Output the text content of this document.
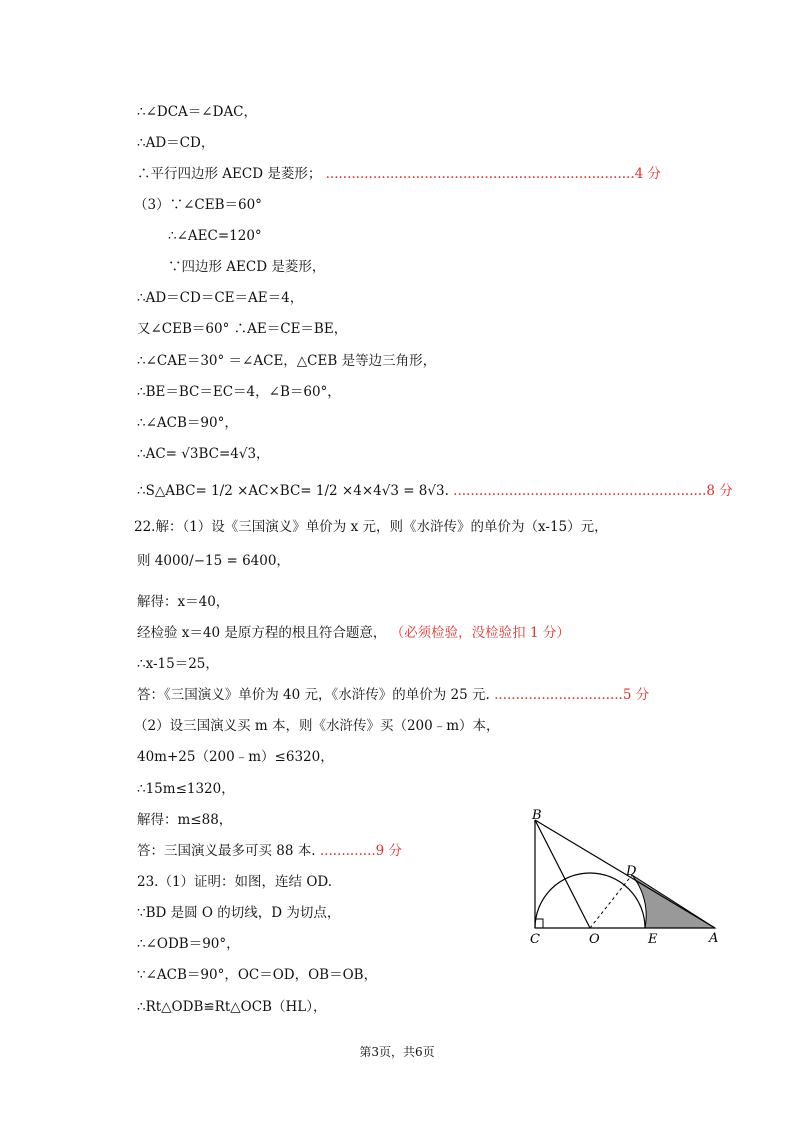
∴∠DCA＝∠DAC，
∴AD＝CD，
∴平行四边形 AECD 是菱形； ........................................................................4 分
（3）∵∠CEB＝60°
∴∠AEC=120°
∵四边形 AECD 是菱形，
∴AD＝CD＝CE＝AE＝4，
又∠CEB＝60° ∴AE＝CE＝BE，
∴∠CAE＝30° ＝∠ACE，△CEB 是等边三角形，
∴BE＝BC＝EC＝4，∠B＝60°，
∴∠ACB＝90°，
∴AC= √3BC=4√3，
∴S△ABC= 1/2 ×AC×BC= 1/2 ×4×4√3 = 8√3. ...........................................................8 分
22.解：（1）设《三国演义》单价为 x 元，则《水浒传》的单价为（x-15）元，
则 4000/−15 = 6400，
解得：x＝40，
经检验 x＝40 是原方程的根且符合题意， （必须检验，没检验扣 1 分）
∴x-15＝25，
答：《三国演义》单价为 40 元，《水浒传》的单价为 25 元. ..............................5 分
（2）设三国演义买 m 本，则《水浒传》买（200﹣m）本，
40m+25（200﹣m）≤6320，
∴15m≤1320，
解得：m≤88，
答：三国演义最多可买 88 本. .............9 分
23.（1）证明：如图，连结 OD.
∵BD 是圆 O 的切线，D 为切点，
∴∠ODB＝90°，
∵∠ACB＝90°，OC＝OD，OB＝OB，
∴Rt△ODB≌Rt△OCB（HL），
B
C	O	E	A
D
第3页，共6页
